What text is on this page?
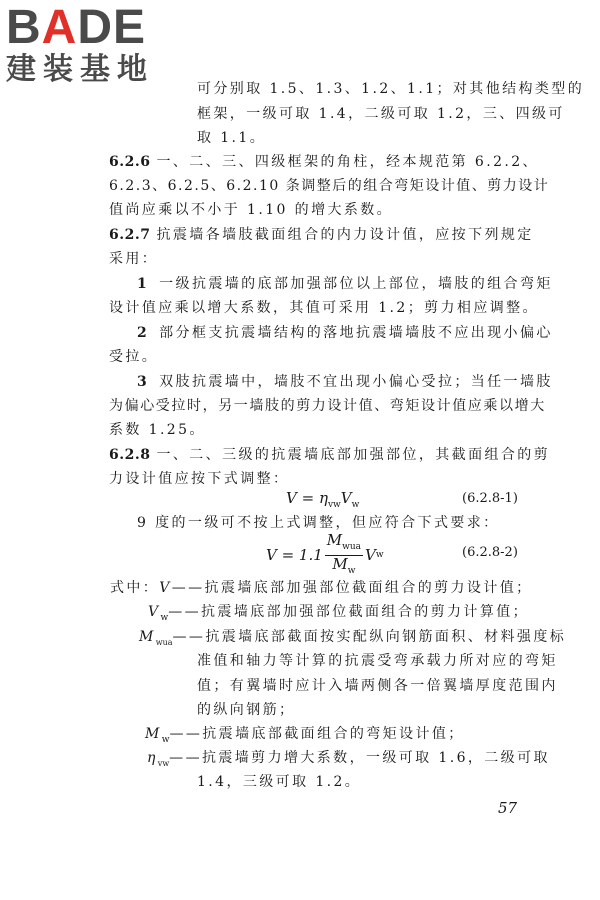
BADE
建装基地
可分别取 1.5、1.3、1.2、1.1；对其他结构类型的
框架，一级可取 1.4，二级可取 1.2，三、四级可
取 1.1。
6.2.6 一、二、三、四级框架的角柱，经本规范第 6.2.2、
6.2.3、6.2.5、6.2.10 条调整后的组合弯矩设计值、剪力设计
值尚应乘以不小于 1.10 的增大系数。
6.2.7 抗震墙各墙肢截面组合的内力设计值，应按下列规定
采用：
1 一级抗震墙的底部加强部位以上部位，墙肢的组合弯矩
设计值应乘以增大系数，其值可采用 1.2；剪力相应调整。
2 部分框支抗震墙结构的落地抗震墙墙肢不应出现小偏心
受拉。
3 双肢抗震墙中，墙肢不宜出现小偏心受拉；当任一墙肢
为偏心受拉时，另一墙肢的剪力设计值、弯矩设计值应乘以增大
系数 1.25。
6.2.8 一、二、三级的抗震墙底部加强部位，其截面组合的剪
力设计值应按下式调整：
$V = \eta_{vw}V_w$	(6.2.8-1)
9 度的一级可不按上式调整，但应符合下式要求：
$V = 1.1 \frac{M_{wua}}{M_w}$ V w	(6.2.8-2)
式中：V——抗震墙底部加强部位截面组合的剪力设计值；
$V_w——$抗震墙底部加强部位截面组合的剪力计算值；
$M_{wua}——$抗震墙底部截面按实配纵向钢筋面积、材料强度标
准值和轴力等计算的抗震受弯承载力所对应的弯矩
值；有翼墙时应计入墙两侧各一倍翼墙厚度范围内
的纵向钢筋；
$M_w——$抗震墙底部截面组合的弯矩设计值；
$\eta_{vw}——$抗震墙剪力增大系数，一级可取 1.6，二级可取
1.4，三级可取 1.2。
57
